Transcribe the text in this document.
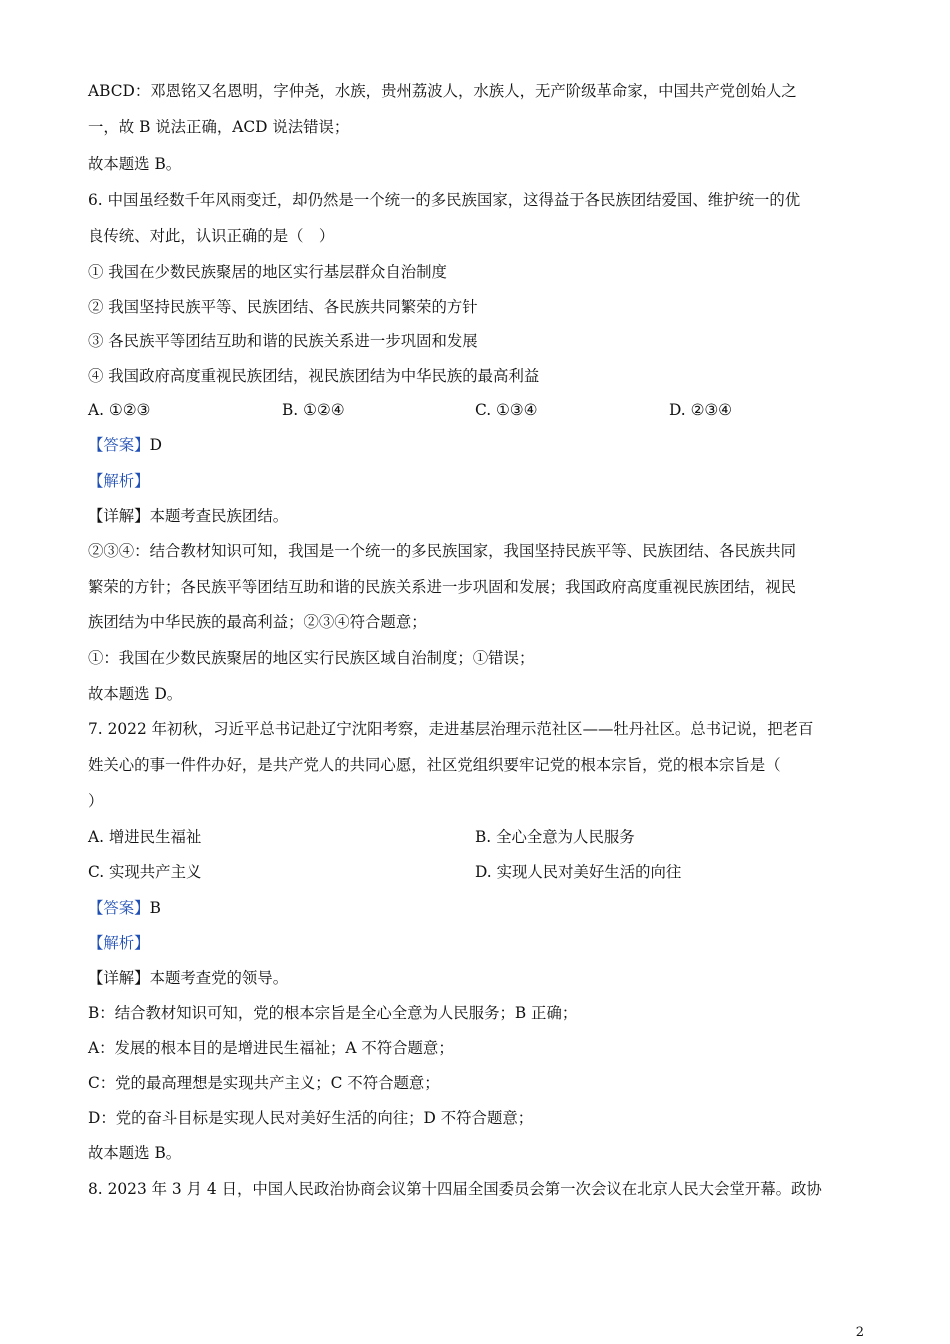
ABCD：邓恩铭又名恩明，字仲尧，水族，贵州荔波人，水族人，无产阶级革命家，中国共产党创始人之
一，故 B 说法正确，ACD 说法错误；
故本题选 B。
6. 中国虽经数千年风雨变迁，却仍然是一个统一的多民族国家，这得益于各民族团结爱国、维护统一的优
良传统、对此，认识正确的是（　）
① 我国在少数民族聚居的地区实行基层群众自治制度
② 我国坚持民族平等、民族团结、各民族共同繁荣的方针
③ 各民族平等团结互助和谐的民族关系进一步巩固和发展
④ 我国政府高度重视民族团结，视民族团结为中华民族的最高利益
A. ①②③	B. ①②④	C. ①③④	D. ②③④
【答案】D
【解析】
【详解】本题考查民族团结。
②③④：结合教材知识可知，我国是一个统一的多民族国家，我国坚持民族平等、民族团结、各民族共同
繁荣的方针；各民族平等团结互助和谐的民族关系进一步巩固和发展；我国政府高度重视民族团结，视民
族团结为中华民族的最高利益；②③④符合题意；
①：我国在少数民族聚居的地区实行民族区域自治制度；①错误；
故本题选 D。
7. 2022 年初秋，习近平总书记赴辽宁沈阳考察，走进基层治理示范社区——牡丹社区。总书记说，把老百
姓关心的事一件件办好，是共产党人的共同心愿，社区党组织要牢记党的根本宗旨，党的根本宗旨是（
）
A. 增进民生福祉	B. 全心全意为人民服务
C. 实现共产主义	D. 实现人民对美好生活的向往
【答案】B
【解析】
【详解】本题考查党的领导。
B：结合教材知识可知，党的根本宗旨是全心全意为人民服务；B 正确；
A：发展的根本目的是增进民生福祉；A 不符合题意；
C：党的最高理想是实现共产主义；C 不符合题意；
D：党的奋斗目标是实现人民对美好生活的向往；D 不符合题意；
故本题选 B。
8. 2023 年 3 月 4 日，中国人民政治协商会议第十四届全国委员会第一次会议在北京人民大会堂开幕。政协
2
